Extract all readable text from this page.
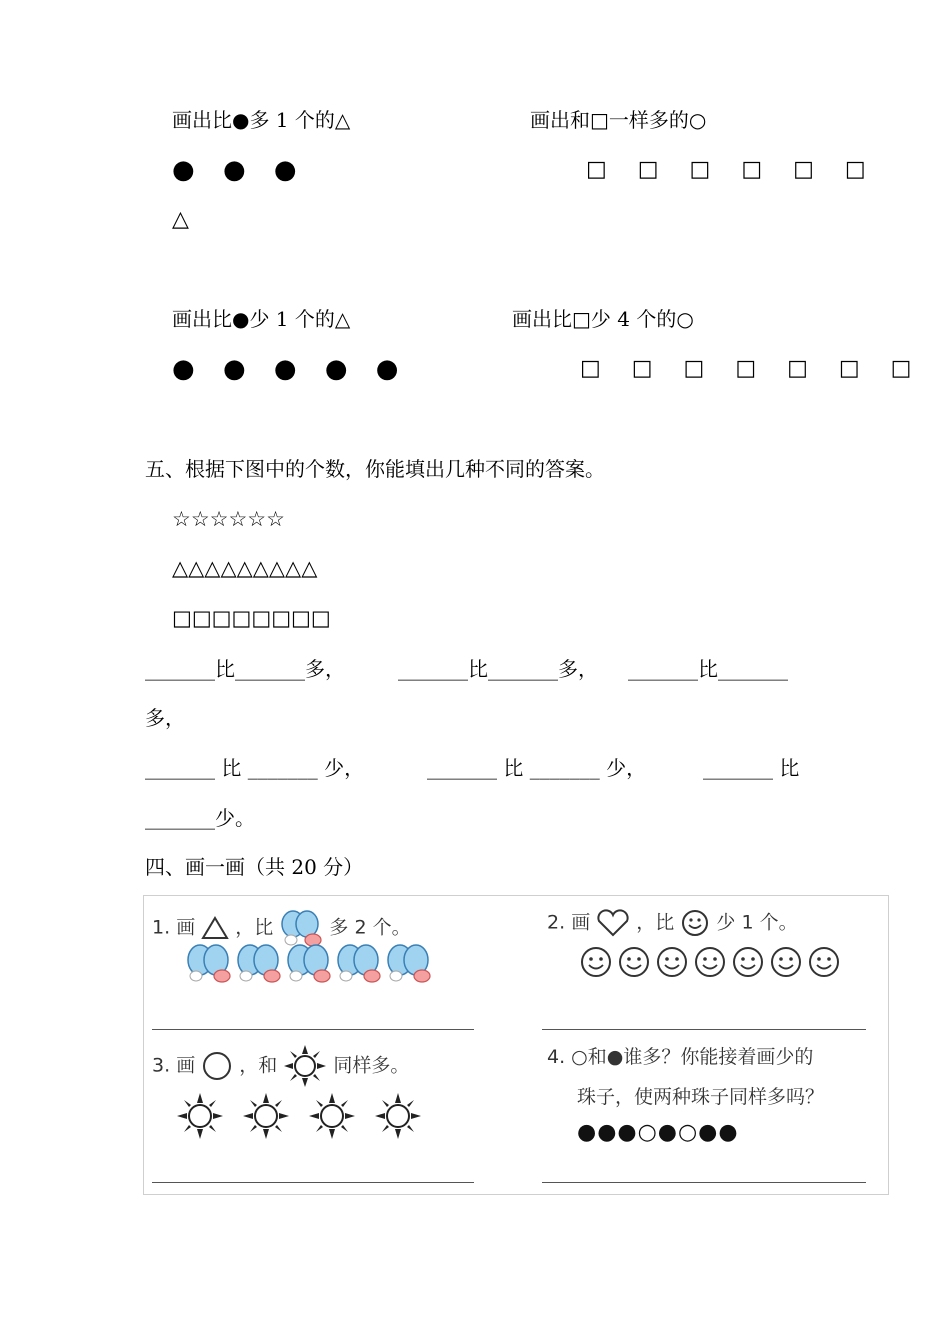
画出比●多 1 个的△
● ● ●
△
画出和□一样多的○
□ □ □ □ □ □
画出比●少 1 个的△
● ● ● ● ●
画出比□少 4 个的○
□ □ □ □ □ □ □
五、根据下图中的个数，你能填出几种不同的答案。
☆☆☆☆☆☆
△△△△△△△△△
□□□□□□□□
_______比_______多，	_______比_______多， _______比_______
多，
_______ 比 _______ 少，	_______ 比 _______ 少，	_______ 比
_______少。
四、画一画（共 20 分）
1. 画 ，比	多 2 个。	2. 画 ，比 少 1 个。
3. 画 ，和	同样多。	4. ○和●谁多？你能接着画少的
珠子，使两种珠子同样多吗？
●●●○●○●●
